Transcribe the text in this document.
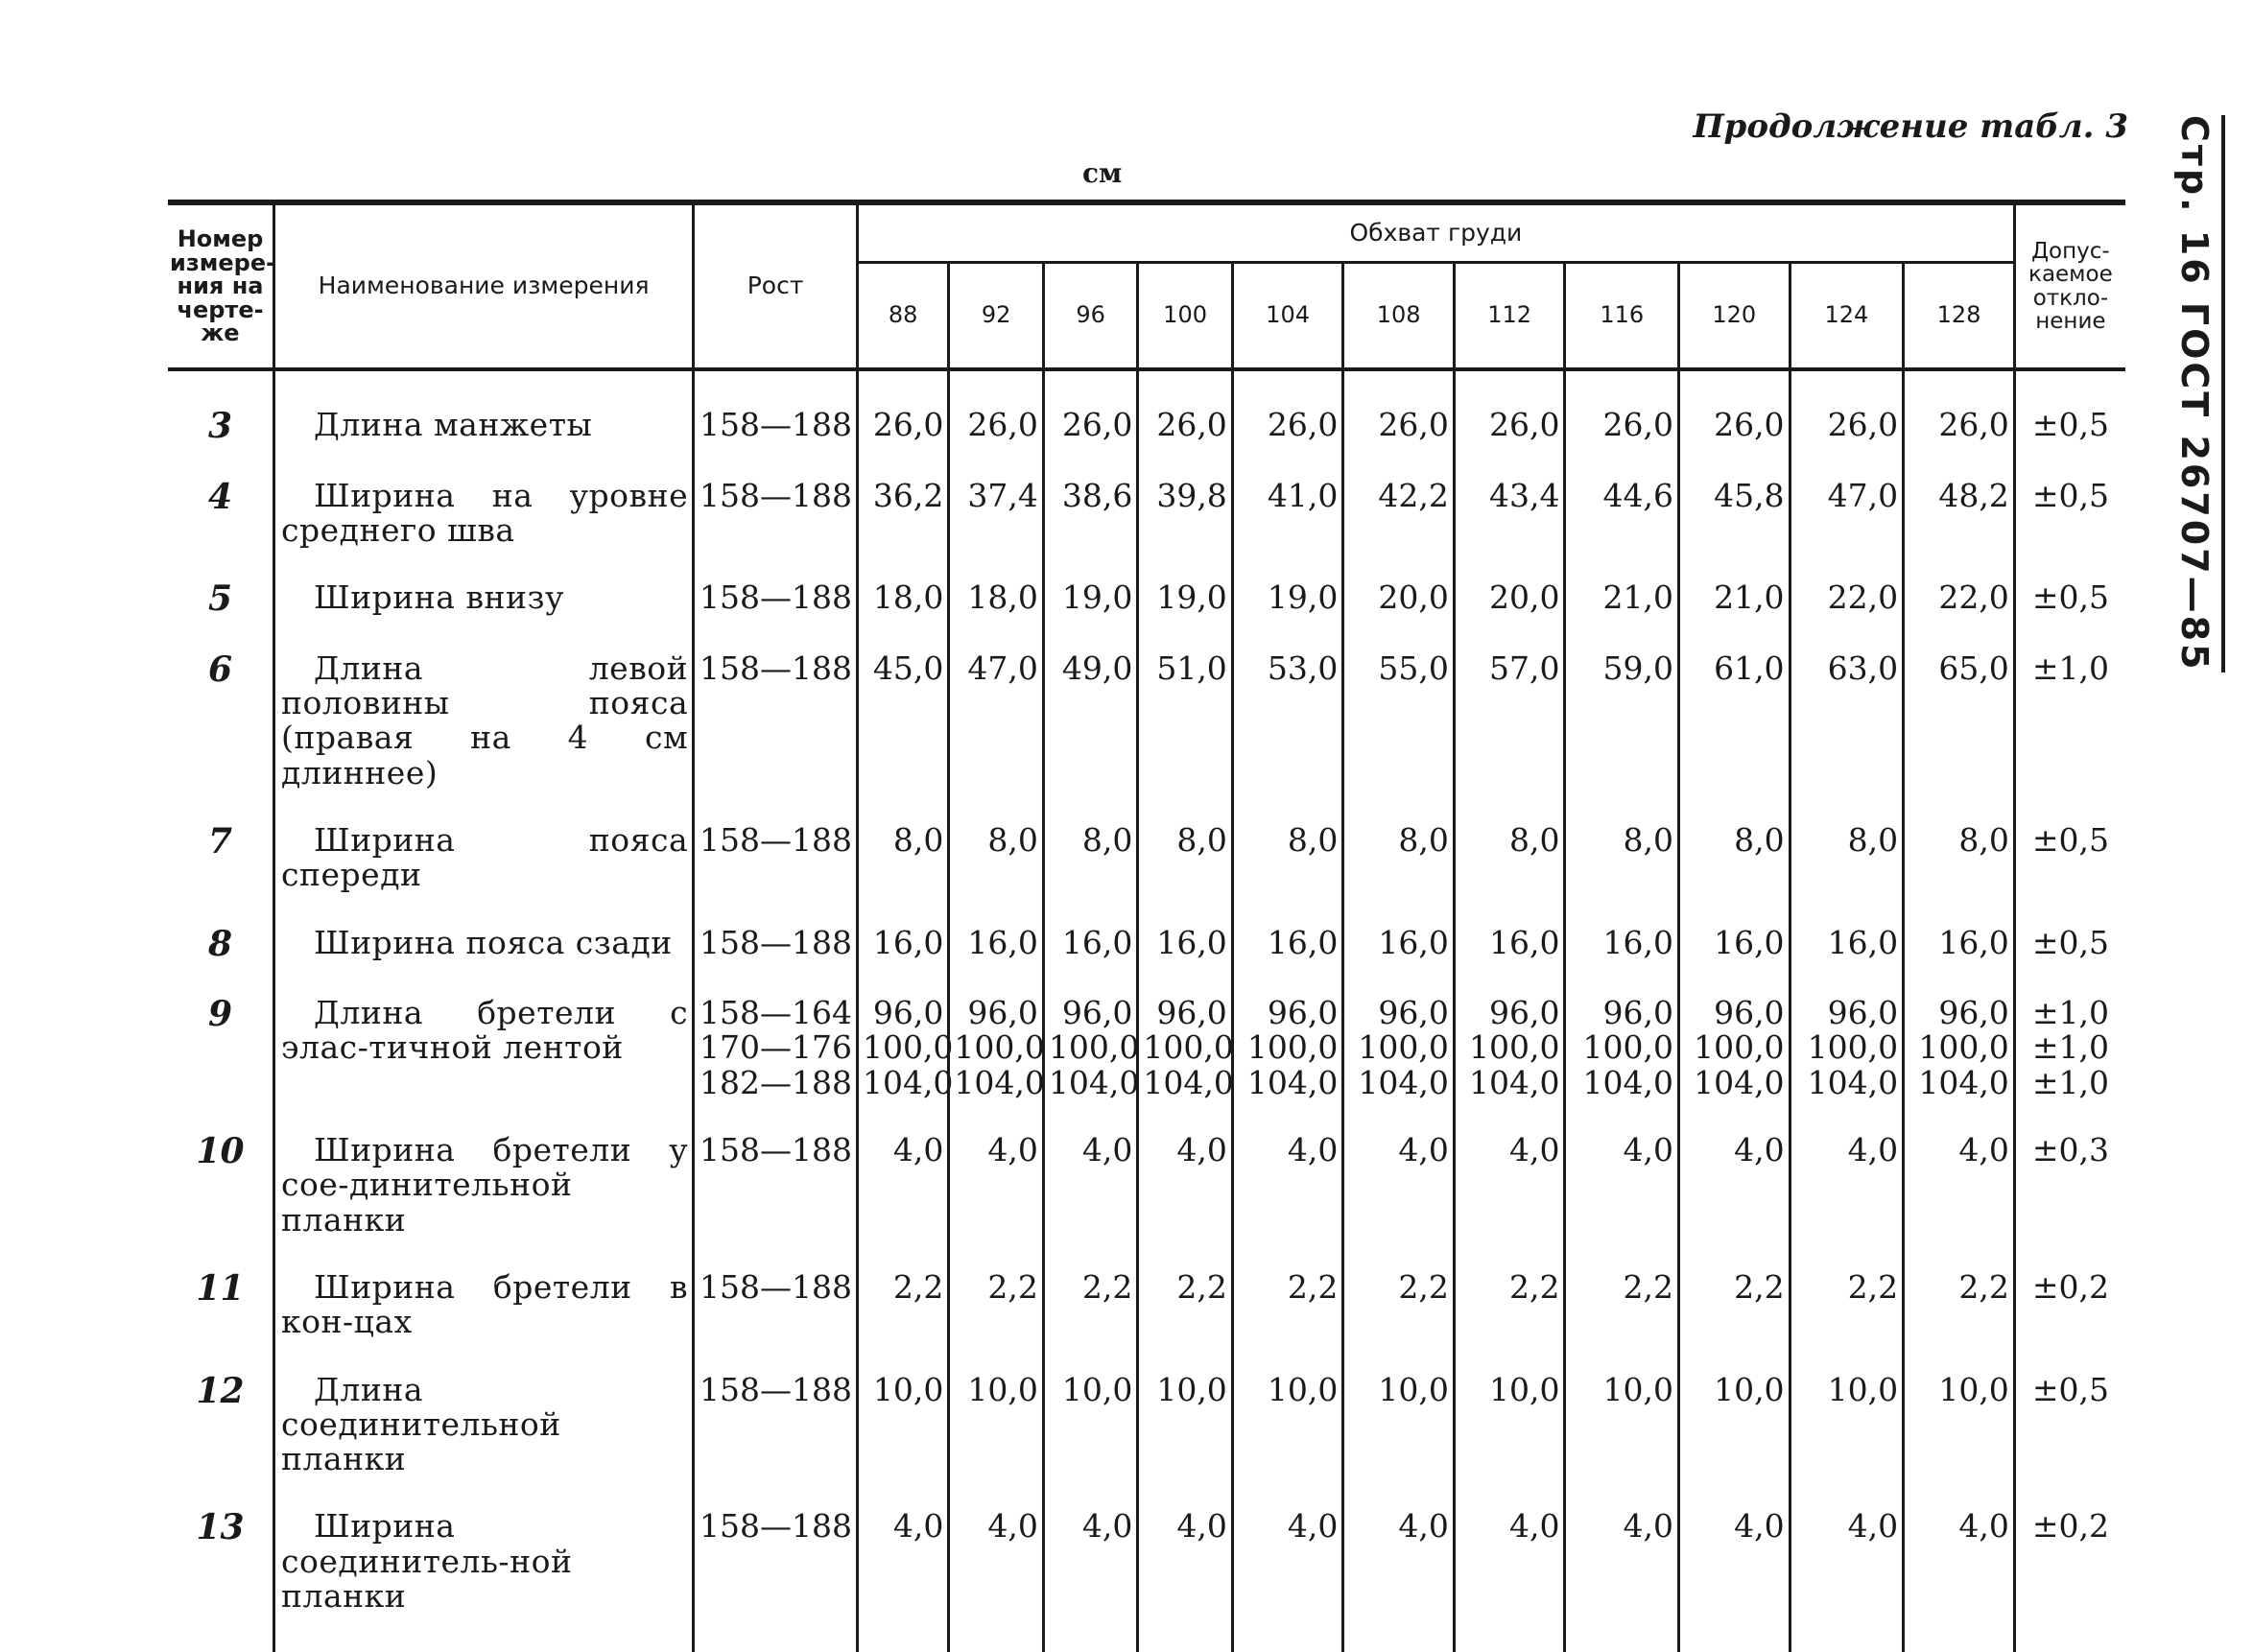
Продолжение табл. 3
см	Стр. 16 ГОСТ 26707—85
Номер измере-ния на черте-же	Наименование измерения	Рост	Обхват груди											Допус-каемое откло-нение
			88	92	96	100	104	108	112	116	120	124	128	
3	Длина манжеты	158—188	26,0	26,0	26,0	26,0	26,0	26,0	26,0	26,0	26,0	26,0	26,0	±0,5

4	Ширина на уровне среднего шва	158—188	36,2	37,4	38,6	39,8	41,0	42,2	43,4	44,6	45,8	47,0	48,2	±0,5

5	Ширина внизу	158—188	18,0	18,0	19,0	19,0	19,0	20,0	20,0	21,0	21,0	22,0	22,0	±0,5

6	Длина левой половины пояса (правая на 4 см длиннее)	158—188	45,0	47,0	49,0	51,0	53,0	55,0	57,0	59,0	61,0	63,0	65,0	±1,0

7	Ширина пояса спереди	158—188	8,0	8,0	8,0	8,0	8,0	8,0	8,0	8,0	8,0	8,0	8,0	±0,5

8	Ширина пояса сзади	158—188	16,0	16,0	16,0	16,0	16,0	16,0	16,0	16,0	16,0	16,0	16,0	±0,5

9	Длина бретели с элас-тичной лентой	158—164
170—176
182—188	96,0
100,0
104,0	96,0
100,0
104,0	96,0
100,0
104,0	96,0
100,0
104,0	96,0
100,0
104,0	96,0
100,0
104,0	96,0
100,0
104,0	96,0
100,0
104,0	96,0
100,0
104,0	96,0
100,0
104,0	96,0
100,0
104,0	±1,0
±1,0
±1,0

10	Ширина бретели у сое-динительной планки	158—188	4,0	4,0	4,0	4,0	4,0	4,0	4,0	4,0	4,0	4,0	4,0	±0,3

11	Ширина бретели в кон-цах	158—188	2,2	2,2	2,2	2,2	2,2	2,2	2,2	2,2	2,2	2,2	2,2	±0,2

12	Длина соединительной планки	158—188	10,0	10,0	10,0	10,0	10,0	10,0	10,0	10,0	10,0	10,0	10,0	±0,5

13	Ширина соединитель-ной планки	158—188	4,0	4,0	4,0	4,0	4,0	4,0	4,0	4,0	4,0	4,0	4,0	±0,2
